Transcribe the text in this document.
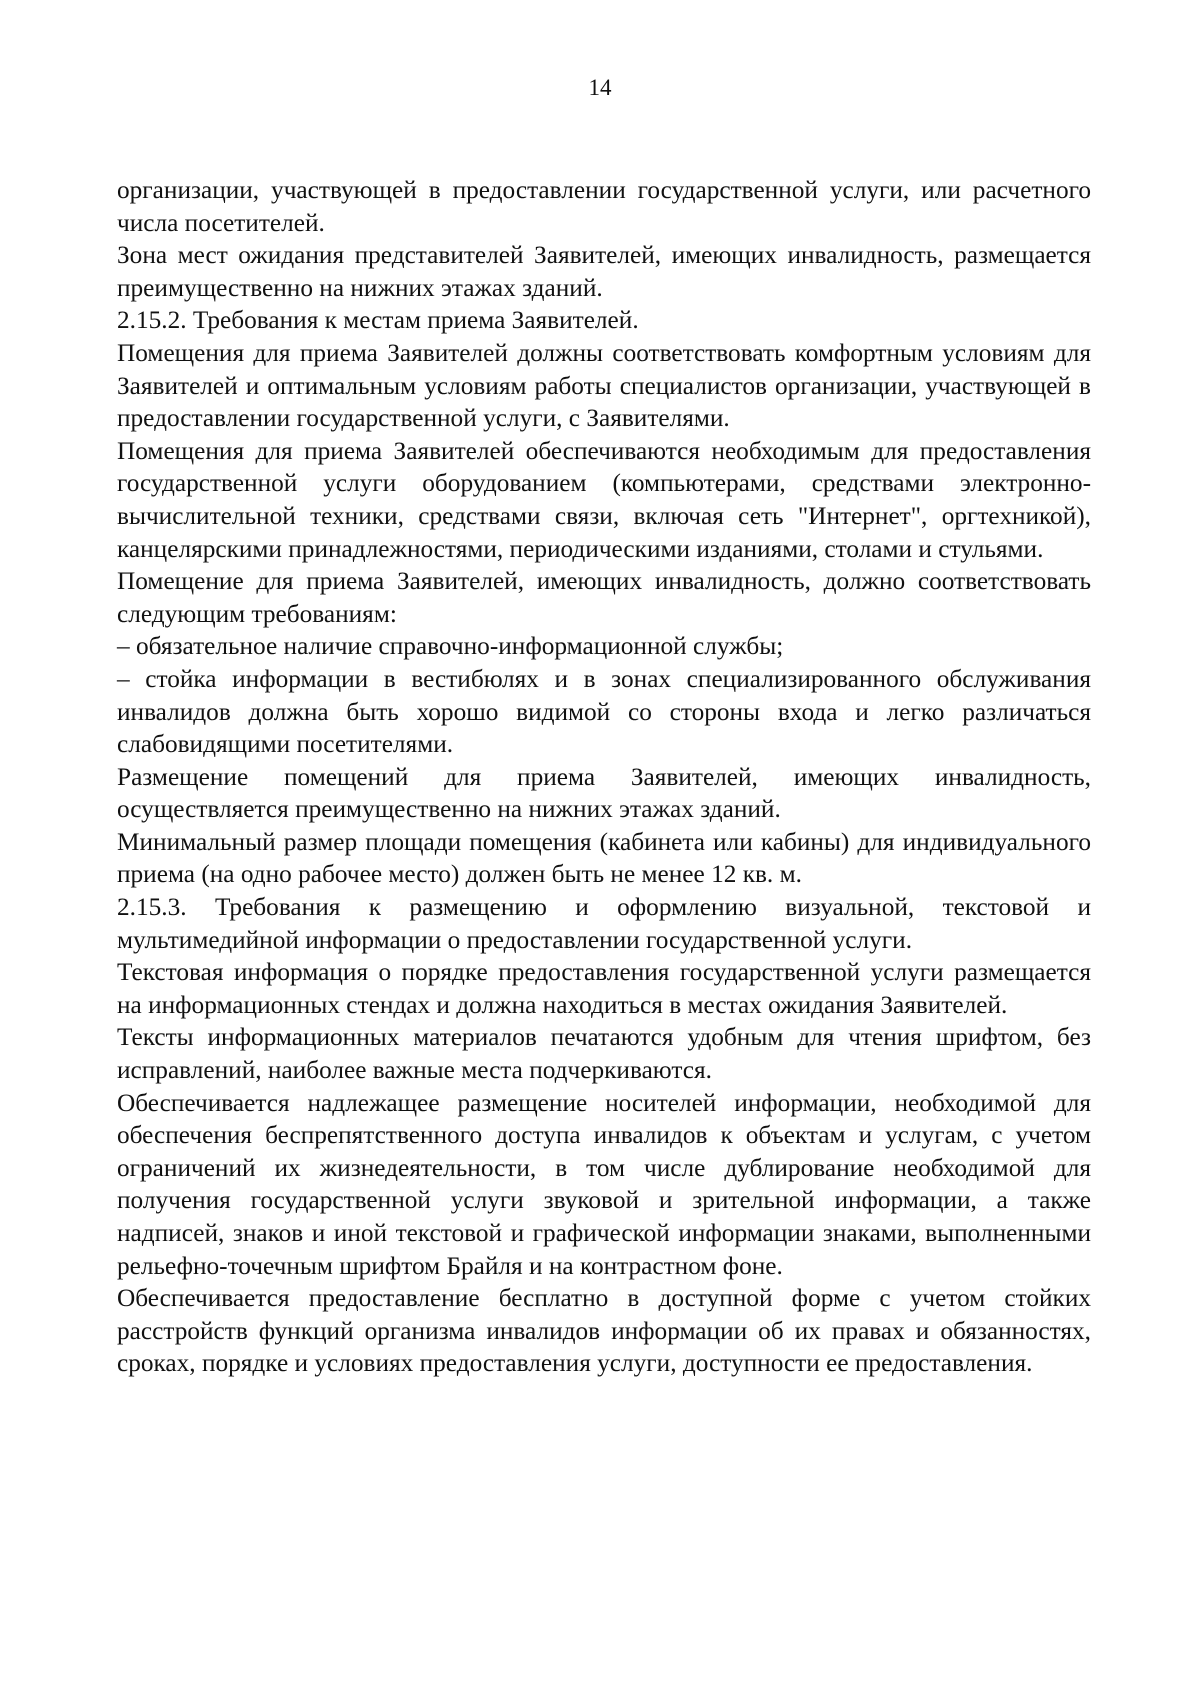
14

организации, участвующей в предоставлении государственной услуги, или расчетного числа посетителей.

Зона мест ожидания представителей Заявителей, имеющих инвалидность, размещается преимущественно на нижних этажах зданий.

2.15.2. Требования к местам приема Заявителей.

Помещения для приема Заявителей должны соответствовать комфортным условиям для Заявителей и оптимальным условиям работы специалистов организации, участвующей в предоставлении государственной услуги, с Заявителями.

Помещения для приема Заявителей обеспечиваются необходимым для предоставления государственной услуги оборудованием (компьютерами, средствами электронно-вычислительной техники, средствами связи, включая сеть "Интернет", оргтехникой), канцелярскими принадлежностями, периодическими изданиями, столами и стульями.

Помещение для приема Заявителей, имеющих инвалидность, должно соответствовать следующим требованиям:

– обязательное наличие справочно-информационной службы;

– стойка информации в вестибюлях и в зонах специализированного обслуживания инвалидов должна быть хорошо видимой со стороны входа и легко различаться слабовидящими посетителями.

Размещение помещений для приема Заявителей, имеющих инвалидность, осуществляется преимущественно на нижних этажах зданий.

Минимальный размер площади помещения (кабинета или кабины) для индивидуального приема (на одно рабочее место) должен быть не менее 12 кв. м.

2.15.3. Требования к размещению и оформлению визуальной, текстовой и мультимедийной информации о предоставлении государственной услуги.

Текстовая информация о порядке предоставления государственной услуги размещается на информационных стендах и должна находиться в местах ожидания Заявителей.

Тексты информационных материалов печатаются удобным для чтения шрифтом, без исправлений, наиболее важные места подчеркиваются.

Обеспечивается надлежащее размещение носителей информации, необходимой для обеспечения беспрепятственного доступа инвалидов к объектам и услугам, с учетом ограничений их жизнедеятельности, в том числе дублирование необходимой для получения государственной услуги звуковой и зрительной информации, а также надписей, знаков и иной текстовой и графической информации знаками, выполненными рельефно-точечным шрифтом Брайля и на контрастном фоне.

Обеспечивается предоставление бесплатно в доступной форме с учетом стойких расстройств функций организма инвалидов информации об их правах и обязанностях, сроках, порядке и условиях предоставления услуги, доступности ее предоставления.
